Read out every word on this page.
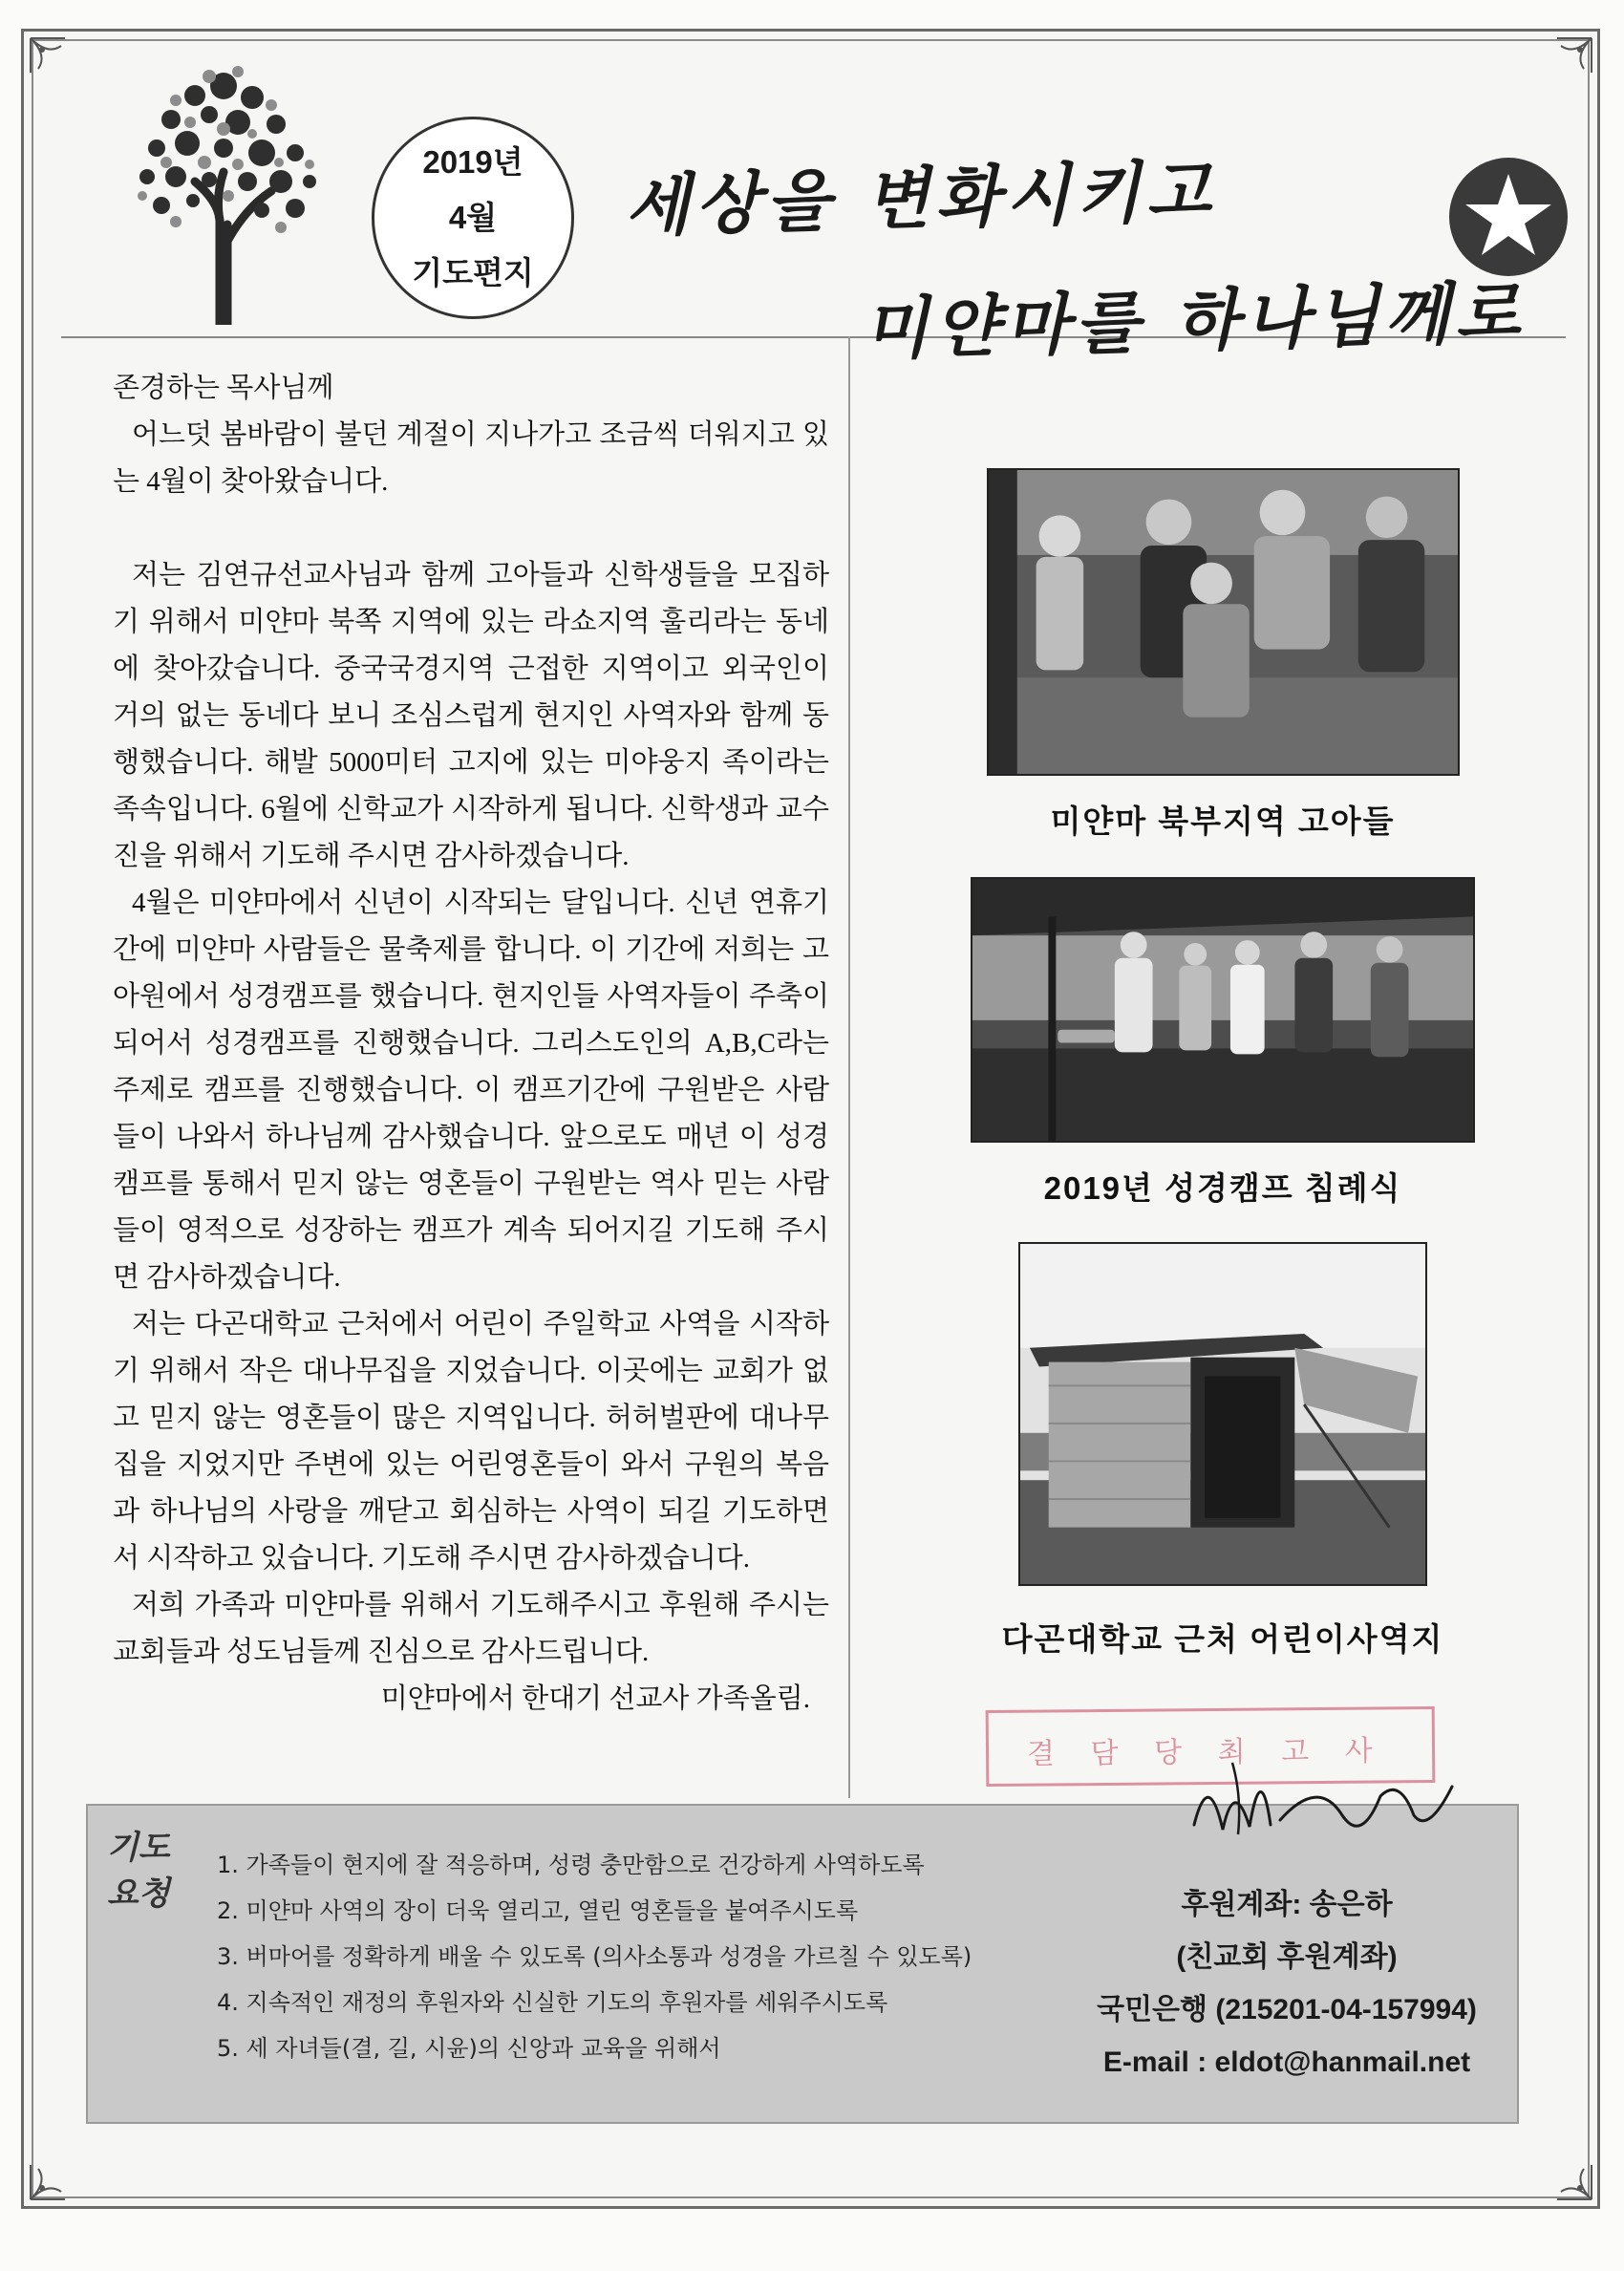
2019년
4월
기도편지
세상을 변화시키고
미얀마를 하나님께로

존경하는 목사님께

어느덧 봄바람이 불던 계절이 지나가고 조금씩 더워지고 있는 4월이 찾아왔습니다.

저는 김연규선교사님과 함께 고아들과 신학생들을 모집하기 위해서 미얀마 북쪽 지역에 있는 라쇼지역 훌리라는 동네에 찾아갔습니다. 중국국경지역 근접한 지역이고 외국인이 거의 없는 동네다 보니 조심스럽게 현지인 사역자와 함께 동행했습니다. 해발 5000미터 고지에 있는 미야웅지 족이라는 족속입니다. 6월에 신학교가 시작하게 됩니다. 신학생과 교수진을 위해서 기도해 주시면 감사하겠습니다.

4월은 미얀마에서 신년이 시작되는 달입니다. 신년 연휴기간에 미얀마 사람들은 물축제를 합니다. 이 기간에 저희는 고아원에서 성경캠프를 했습니다. 현지인들 사역자들이 주축이 되어서 성경캠프를 진행했습니다. 그리스도인의 A,B,C라는 주제로 캠프를 진행했습니다. 이 캠프기간에 구원받은 사람들이 나와서 하나님께 감사했습니다. 앞으로도 매년 이 성경캠프를 통해서 믿지 않는 영혼들이 구원받는 역사 믿는 사람들이 영적으로 성장하는 캠프가 계속 되어지길 기도해 주시면 감사하겠습니다.

저는 다곤대학교 근처에서 어린이 주일학교 사역을 시작하기 위해서 작은 대나무집을 지었습니다. 이곳에는 교회가 없고 믿지 않는 영혼들이 많은 지역입니다. 허허벌판에 대나무 집을 지었지만 주변에 있는 어린영혼들이 와서 구원의 복음과 하나님의 사랑을 깨닫고 회심하는 사역이 되길 기도하면서 시작하고 있습니다. 기도해 주시면 감사하겠습니다.

저희 가족과 미얀마를 위해서 기도해주시고 후원해 주시는 교회들과 성도님들께 진심으로 감사드립니다.

미얀마에서 한대기 선교사 가족올림.

미얀마 북부지역 고아들
2019년 성경캠프 침례식
다곤대학교 근처 어린이사역지
결 담 당 최 고 사
기도
요청
1. 가족들이 현지에 잘 적응하며, 성령 충만함으로 건강하게 사역하도록
2. 미얀마 사역의 장이 더욱 열리고, 열린 영혼들을 붙여주시도록
3. 버마어를 정확하게 배울 수 있도록 (의사소통과 성경을 가르칠 수 있도록)
4. 지속적인 재정의 후원자와 신실한 기도의 후원자를 세워주시도록
5. 세 자녀들(결, 길, 시윤)의 신앙과 교육을 위해서
후원계좌: 송은하
(친교회 후원계좌)
국민은행 (215201-04-157994)
E-mail : eldot@hanmail.net
